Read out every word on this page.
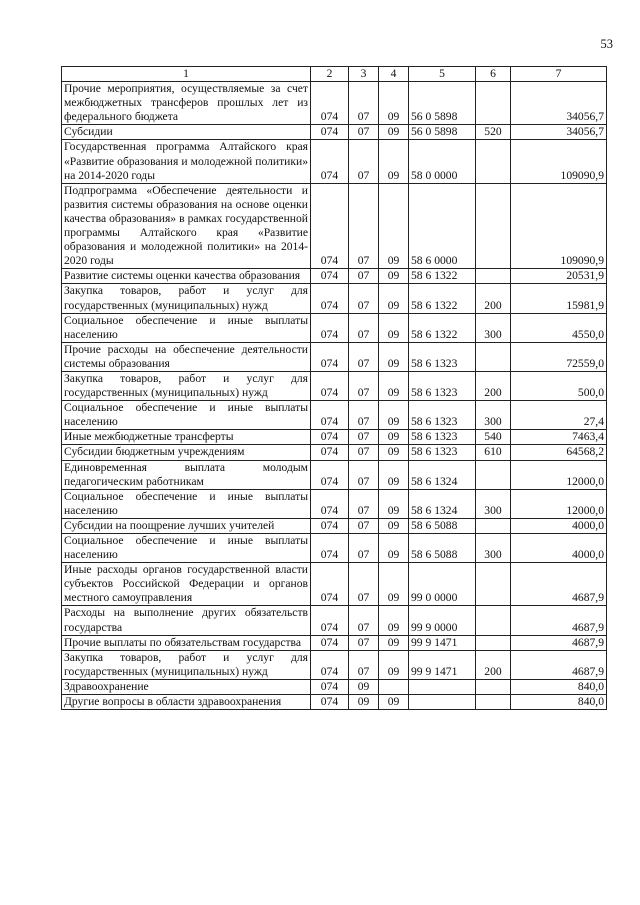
53
1	2	3	4	5	6	7
Прочие мероприятия, осуществляемые за счет межбюджетных трансферов прошлых лет из федерального бюджета	074	07	09	56 0 5898		34056,7
Субсидии	074	07	09	56 0 5898	520	34056,7
Государственная программа Алтайского края «Развитие образования и молодежной политики» на 2014-2020 годы	074	07	09	58 0 0000		109090,9
Подпрограмма «Обеспечение деятельности и развития системы образования на основе оценки качества образования» в рамках государственной программы Алтайского края «Развитие образования и молодежной политики» на 2014-2020 годы	074	07	09	58 6 0000		109090,9
Развитие системы оценки качества образования	074	07	09	58 6 1322		20531,9
Закупка товаров, работ и услуг для государственных (муниципальных) нужд	074	07	09	58 6 1322	200	15981,9
Социальное обеспечение и иные выплаты населению	074	07	09	58 6 1322	300	4550,0
Прочие расходы на обеспечение деятельности системы образования	074	07	09	58 6 1323		72559,0
Закупка товаров, работ и услуг для государственных (муниципальных) нужд	074	07	09	58 6 1323	200	500,0
Социальное обеспечение и иные выплаты населению	074	07	09	58 6 1323	300	27,4
Иные межбюджетные трансферты	074	07	09	58 6 1323	540	7463,4
Субсидии бюджетным учреждениям	074	07	09	58 6 1323	610	64568,2
Единовременная выплата молодым педагогическим работникам	074	07	09	58 6 1324		12000,0
Социальное обеспечение и иные выплаты населению	074	07	09	58 6 1324	300	12000,0
Субсидии на поощрение лучших учителей	074	07	09	58 6 5088		4000,0
Социальное обеспечение и иные выплаты населению	074	07	09	58 6 5088	300	4000,0
Иные расходы органов государственной власти субъектов Российской Федерации и органов местного самоуправления	074	07	09	99 0 0000		4687,9
Расходы на выполнение других обязательств государства	074	07	09	99 9 0000		4687,9
Прочие выплаты по обязательствам государства	074	07	09	99 9 1471		4687,9
Закупка товаров, работ и услуг для государственных (муниципальных) нужд	074	07	09	99 9 1471	200	4687,9
Здравоохранение	074	09				840,0
Другие вопросы в области здравоохранения	074	09	09			840,0
